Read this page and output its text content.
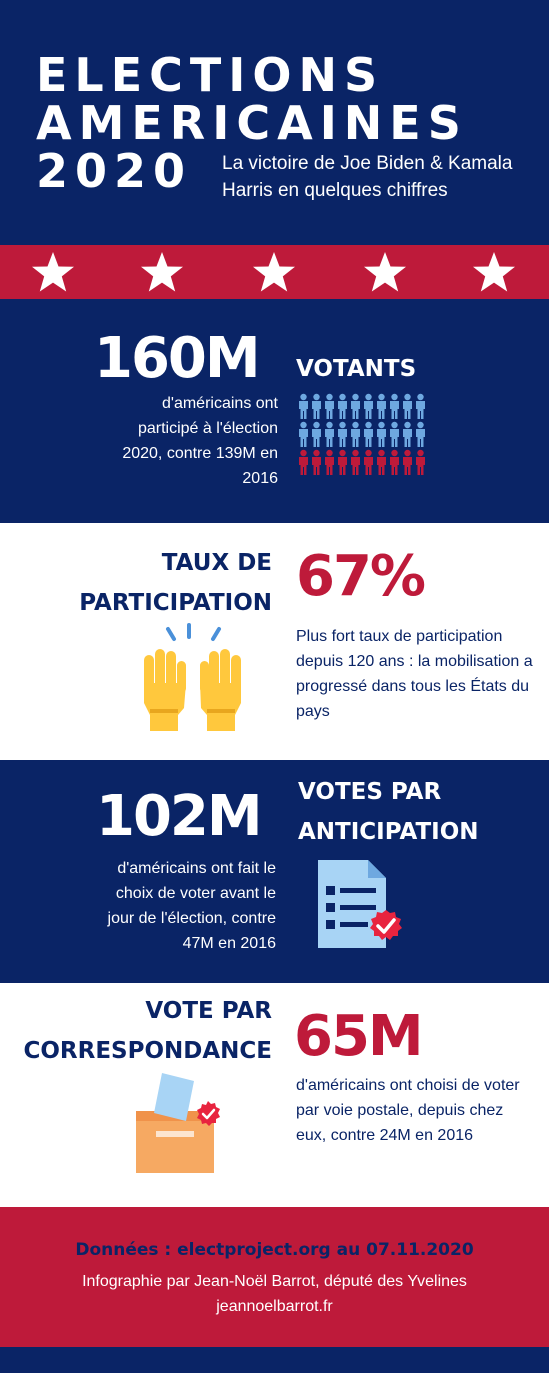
ELECTIONS
AMERICAINES
2020 La victoire de Joe Biden & Kamala Harris en quelques chiffres
160M VOTANTS
d'américains ont participé à l'élection 2020, contre 139M en 2016
TAUX DE
PARTICIPATION 67%
Plus fort taux de participation depuis 120 ans : la mobilisation a progressé dans tous les États du pays
102M VOTES PAR
ANTICIPATION
d'américains ont fait le choix de voter avant le jour de l'élection, contre 47M en 2016
VOTE PAR
CORRESPONDANCE 65M
d'américains ont choisi de voter par voie postale, depuis chez eux, contre 24M en 2016
Données : electproject.org au 07.11.2020
Infographie par Jean-Noël Barrot, député des Yvelines
jeannoelbarrot.fr
